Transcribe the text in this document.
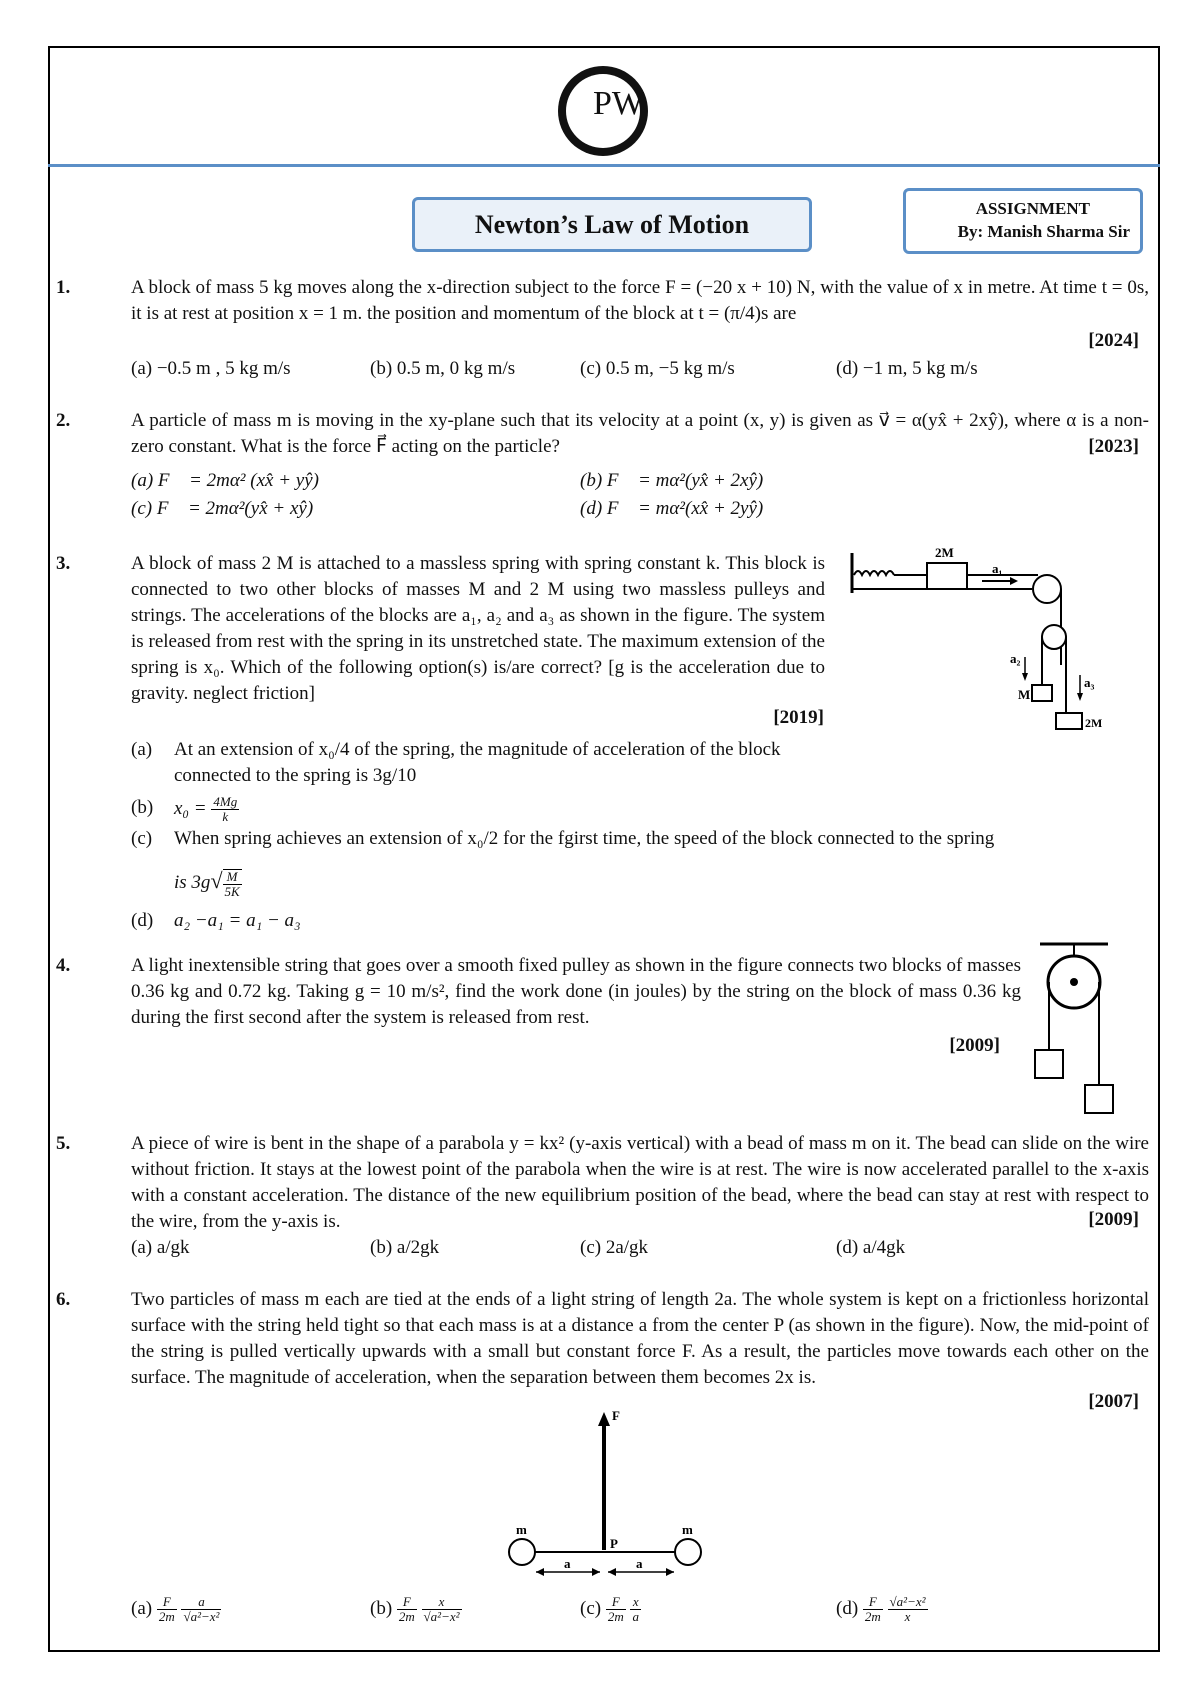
PW
Newton’s Law of Motion
ASSIGNMENT
By: Manish Sharma Sir
1.	A block of mass 5 kg moves along the x-direction subject to the force F = (−20 x + 10) N, with the value of x in metre. At time t = 0s, it is at rest at position x = 1 m. the position and momentum of the block at t = (π/4)s are
[2024]
(a) −0.5 m , 5 kg m/s	(b) 0.5 m, 0 kg m/s	(c) 0.5 m, −5 kg m/s	(d) −1 m, 5 kg m/s
2.	A particle of mass m is moving in the xy-plane such that its velocity at a point (x, y) is given as v⃗ = α(yx̂ + 2xŷ), where α is a non-zero constant. What is the force F⃗ acting on the particle?	[2023]
(a) F⃗ = 2mα² (xx̂ + yŷ)	(b) F⃗ = mα²(yx̂ + 2xŷ)
(c) F⃗ = 2mα²(yx̂ + xŷ)	(d) F⃗ = mα²(xx̂ + 2yŷ)
3.	A block of mass 2 M is attached to a massless spring with spring constant k. This block is connected to two other blocks of masses M and 2 M using two massless pulleys and strings. The accelerations of the blocks are a₁, a₂ and a₃ as shown in the figure. The system is released from rest with the spring in its unstretched state. The maximum extension of the spring is x₀. Which of the following option(s) is/are correct? [g is the acceleration due to gravity. neglect friction]
[2019]
(a) At an extension of x₀/4 of the spring, the magnitude of acceleration of the block connected to the spring is 3g/10
(b) $x_0 = \frac{4Mg}{k}$
(c) When spring achieves an extension of x₀/2 for the fgirst time, the speed of the block connected to the spring
is $3g√ \frac{M}{5K}$
(d) a₂ −a₁ = a₁ − a₃
2M
a₁
a₂
a₃
M
2M
4.	A light inextensible string that goes over a smooth fixed pulley as shown in the figure connects two blocks of masses 0.36 kg and 0.72 kg. Taking g = 10 m/s², find the work done (in joules) by the string on the block of mass 0.36 kg during the first second after the system is released from rest.
[2009]
5.	A piece of wire is bent in the shape of a parabola y = kx² (y-axis vertical) with a bead of mass m on it. The bead can slide on the wire without friction. It stays at the lowest point of the parabola when the wire is at rest. The wire is now accelerated parallel to the x-axis with a constant acceleration. The distance of the new equilibrium position of the bead, where the bead can stay at rest with respect to the wire, from the y-axis is.	[2009]
(a) a/gk	(b) a/2gk	(c) 2a/gk	(d) a/4gk
6.	Two particles of mass m each are tied at the ends of a light string of length 2a. The whole system is kept on a frictionless horizontal surface with the string held tight so that each mass is at a distance a from the center P (as shown in the figure). Now, the mid-point of the string is pulled vertically upwards with a small but constant force F. As a result, the particles move towards each other on the surface. The magnitude of acceleration, when the separation between them becomes 2x is.
[2007]
F
P
m	m
a	a
$(a) \frac{F}{2m}$
$\frac{a}{\text{√a²−x²}}$	$(b) \frac{F}{2m}$
$\frac{x}{\text{√a²−x²}}$	$(c) \frac{F}{2m}$
$\frac{x}{a}$	$(d) \frac{F}{2m}$
$\frac{\text{√a²−x²}}{x}$
